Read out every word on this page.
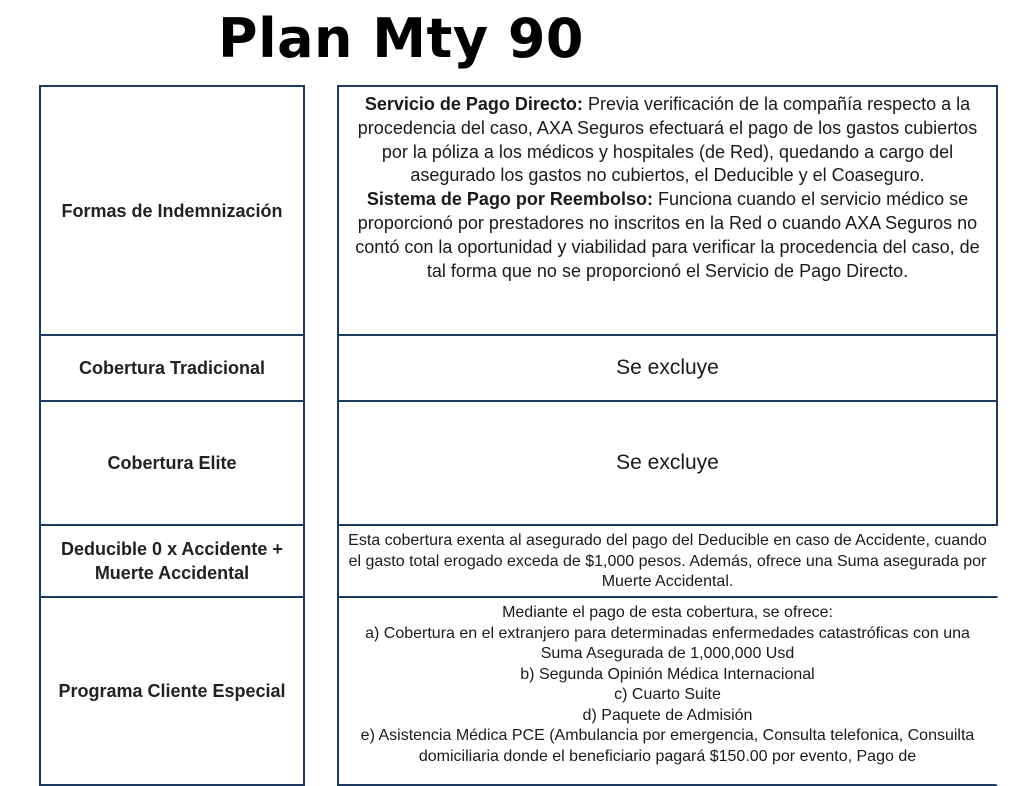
Plan Mty 90
Formas de Indemnización
Servicio de Pago Directo: Previa verificación de la compañía respecto a la procedencia del caso, AXA Seguros efectuará el pago de los gastos cubiertos por la póliza a los médicos y hospitales (de Red), quedando a cargo del asegurado los gastos no cubiertos, el Deducible y el Coaseguro.
Sistema de Pago por Reembolso: Funciona cuando el servicio médico se proporcionó por prestadores no inscritos en la Red o cuando AXA Seguros no contó con la oportunidad y viabilidad para verificar la procedencia del caso, de tal forma que no se proporcionó el Servicio de Pago Directo.
Cobertura Tradicional	Se excluye
Cobertura Elite	Se excluye
Deducible 0 x Accidente + Muerte Accidental
Esta cobertura exenta al asegurado del pago del Deducible en caso de Accidente, cuando el gasto total erogado exceda de $1,000 pesos. Además, ofrece una Suma asegurada por Muerte Accidental.
Programa Cliente Especial
Mediante el pago de esta cobertura, se ofrece:
a) Cobertura en el extranjero para determinadas enfermedades catastróficas con una Suma Asegurada de 1,000,000 Usd
b) Segunda Opinión Médica Internacional
c) Cuarto Suite
d) Paquete de Admisión
e) Asistencia Médica PCE (Ambulancia por emergencia, Consulta telefonica, Consuilta domiciliaria donde el beneficiario pagará $150.00 por evento, Pago de
